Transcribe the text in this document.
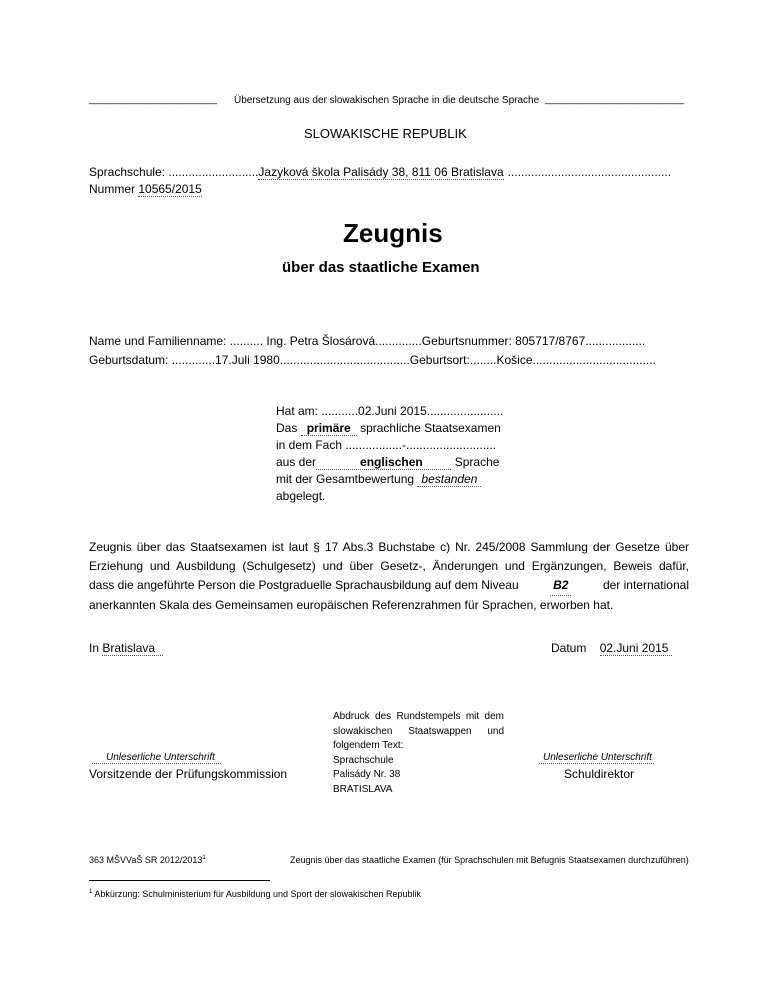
_______________________ Übersetzung aus der slowakischen Sprache in die deutsche Sprache _________________________
SLOWAKISCHE REPUBLIK
Sprachschule: ...........................Jazyková škola Palisády 38, 811 06 Bratislava .................................................
Nummer 10565/2015
Zeugnis
über das staatliche Examen
Name und Familienname: .......... Ing. Petra Šlosárová..............Geburtsnummer: 805717/8767..................
Geburtsdatum: .............17.Juli 1980.......................................Geburtsort:........Košice.....................................
Hat am: ...........02.Juni 2015.......................
Das primäre sprachliche Staatsexamen
in dem Fach .................-...........................
aus der	englischen	Sprache
mit der Gesamtbewertung bestanden
abgelegt.
Zeugnis über das Staatsexamen ist laut § 17 Abs.3 Buchstabe c) Nr. 245/2008 Sammlung der Gesetze über
Erziehung und Ausbildung (Schulgesetz) und über Gesetz-, Änderungen und Ergänzungen, Beweis dafür,
dass die angeführte Person die Postgraduelle Sprachausbildung auf dem Niveau	B2	der international
anerkannten Skala des Gemeinsamen europäischen Referenzrahmen für Sprachen, erworben hat.
In Bratislava	Datum 02.Juni 2015
Abdruck des Rundstempels mit dem
slowakischen Staatswappen und
folgendem Text:
Sprachschule
Palisády Nr. 38
BRATISLAVA
Unleserliche Unterschrift
Vorsitzende der Prüfungskommission
Unleserliche Unterschrift
Schuldirektor
363 MŠVVaŠ SR 2012/2013$^1$	Zeugnis über das staatliche Examen (für Sprachschulen mit Befugnis Staatsexamen durchzuführen)
$^1$ Abkürzung: Schulministerium für Ausbildung und Sport der slowakischen Republik
